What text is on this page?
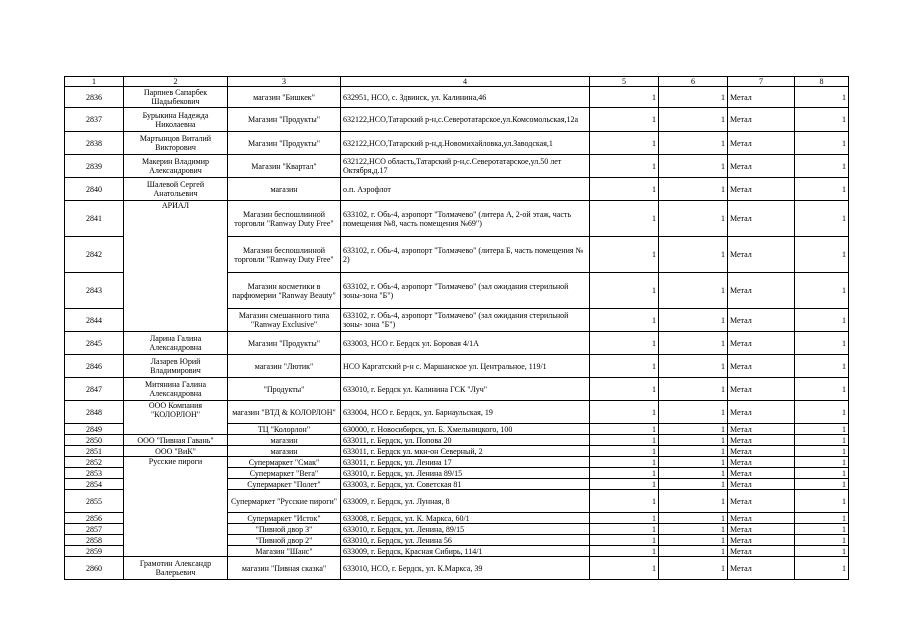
1	2	3	4	5	6	7	8
2836	Парпиев Сапарбек Шадыбекович	магазин "Бишкек"	632951, НСО, с. Здвинск, ул. Калинина,46	1	1	Метал	1
2837	Бурыкина Надежда Николаевна	Магазин "Продукты"	632122,НСО,Татарский р-н,с.Северотатарское,ул.Комсомольская,12а	1	1	Метал	1
2838	Мартынцов Виталий Викторович	Магазин "Продукты"	632122,НСО,Татарский р-н,д.Новомихайловка,ул.Заводская,1	1	1	Метал	1
2839	Макерин Владимир Александрович	Магазин "Квартал"	632122,НСО область,Татарский р-н,с.Северотатарское,ул.50 лет Октября,д.17	1	1	Метал	1
2840	Шалевой Сергей Анатольевич	магазин	о.п. Аэрофлот	1	1	Метал	1
2841	АРИАЛ	Магазин беспошлинной торговли "Ranway Duty Free"	633102, г. Обь-4, аэропорт "Толмачево" (литера А, 2-ой этаж, часть помещения №8, часть помещения №69")	1	1	Метал	1
2842		Магазин беспошлинной торговли "Ranway Duty Free"	633102, г. Обь-4, аэропорт "Толмачево" (литера Б, часть помещения № 2)	1	1	Метал	1
2843		Магазин косметики в парфюмерии "Ranway Beauty"	633102, г. Обь-4, аэропорт "Толмачево" (зал ожидания стерильной зоны-зона "Б")	1	1	Метал	1
2844		Магазин смешанного типа "Ranway Exclusive"	633102, г. Обь-4, аэропорт "Толмачево" (зал ожидания стерильной зоны- зона "Б")	1	1	Метал	1
2845	Ларина Галина Александровна	Магазин "Продукты"	633003, НСО г. Бердск ул. Боровая 4/1А	1	1	Метал	1
2846	Лазарев Юрий Владимирович	магазин "Лютик"	НСО Каргатский р-н с. Маршанское ул. Центральное, 119/1	1	1	Метал	1
2847	Митянина Галина Александровна	"Продукты"	633010, г. Бердск ул. Калинина ГСК "Луч"	1	1	Метал	1
2848	ООО Компания "КОЛОРЛОН"	магазин "ВТД & КОЛОРЛОН"	633004, НСО г. Бердск, ул. Барнаульская, 19	1	1	Метал	1
2849		ТЦ "Колорлон"	630000, г. Новосибирск, ул. Б. Хмельницкого, 100	1	1	Метал	1
2850	ООО "Пивная Гавань"	магазин	633011, г. Бердск, ул. Попова 20	1	1	Метал	1
2851	ООО "ВиК"	магазин	633011, г. Бердск ул. мкн-он Северный, 2	1	1	Метал	1
2852	Русские пироги	Супермаркет "Смак"	633011, г. Бердск, ул. Ленина 17	1	1	Метал	1
2853		Супермаркет "Вега"	633010, г. Бердск, ул. Ленина 89/15	1	1	Метал	1
2854		Супермаркет "Полет"	633003, г. Бердск, ул. Советская 81	1	1	Метал	1
2855		Супермаркет "Русские пироги"	633009, г. Бердск, ул. Лунная, 8	1	1	Метал	1
2856		Супермаркет "Исток"	633008, г. Бердск, ул. К. Маркса, 60/1	1	1	Метал	1
2857		"Пивной двор 3"	633010, г. Бердск, ул. Ленина, 89/15	1	1	Метал	1
2858		"Пивной двор 2"	633010, г. Бердск, ул. Ленина 56	1	1	Метал	1
2859		Магазин "Шанс"	633009, г. Бердск, Красная Сибирь, 114/1	1	1	Метал	1
2860	Грамотин Александр Валерьевич	магазин "Пивная сказка"	633010, НСО, г. Бердск, ул. К.Маркса, 39	1	1	Метал	1
